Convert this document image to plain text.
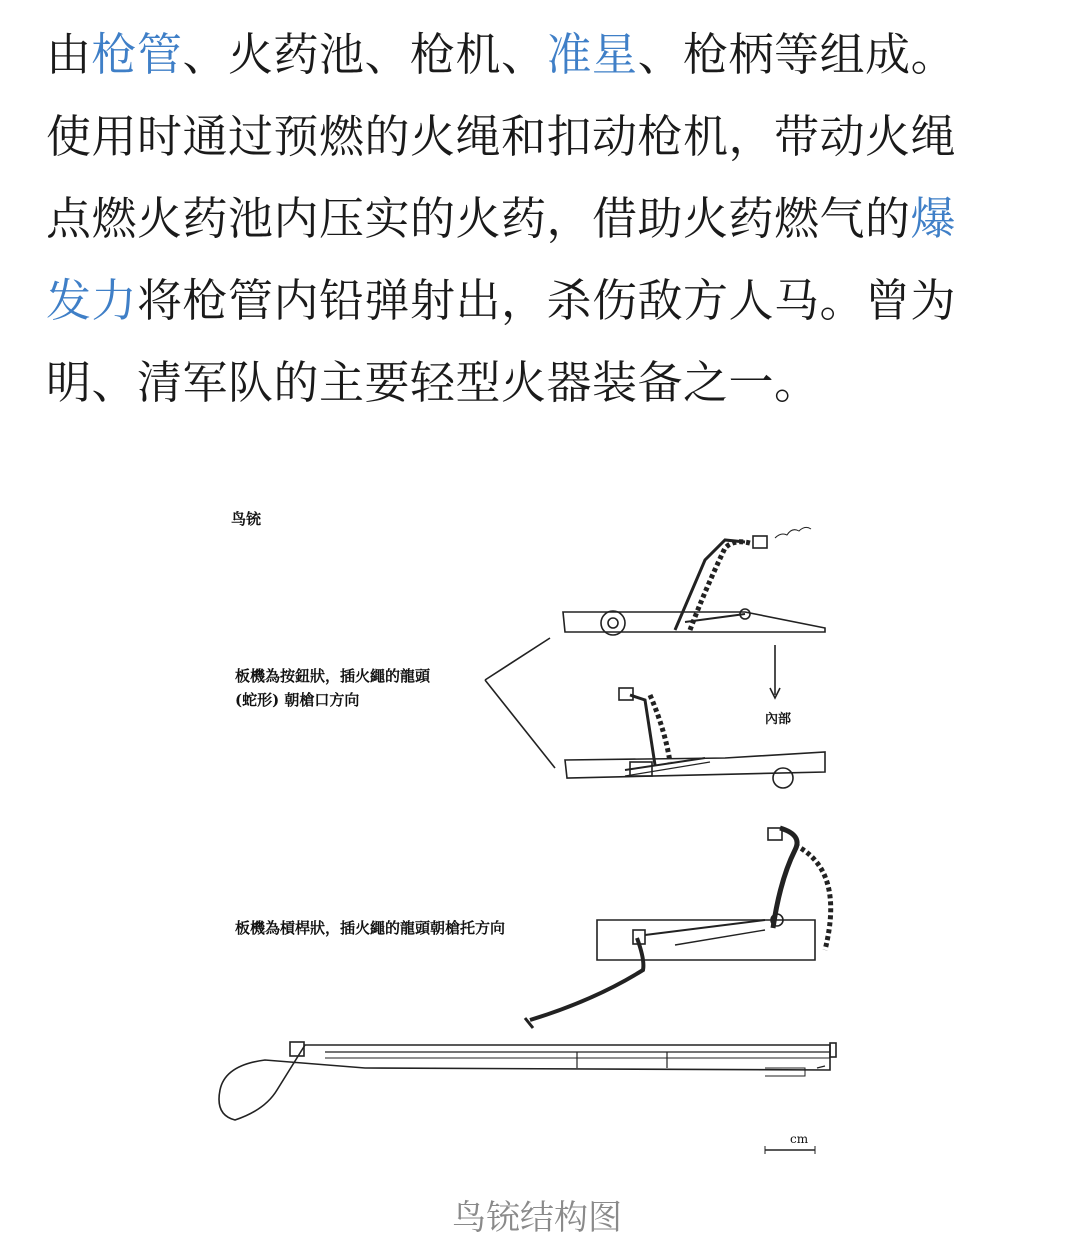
由枪管、火药池、枪机、准星、枪柄等组成。
使用时通过预燃的火绳和扣动枪机，带动火绳
点燃火药池内压实的火药，借助火药燃气的爆
发力将枪管内铅弹射出，杀伤敌方人马。曾为
明、清军队的主要轻型火器装备之一。
鸟铳
板機為按鈕狀，插火繩的龍頭
(蛇形) 朝槍口方向
板機為槓桿狀，插火繩的龍頭朝槍托方向
內部
cm
鸟铳结构图
